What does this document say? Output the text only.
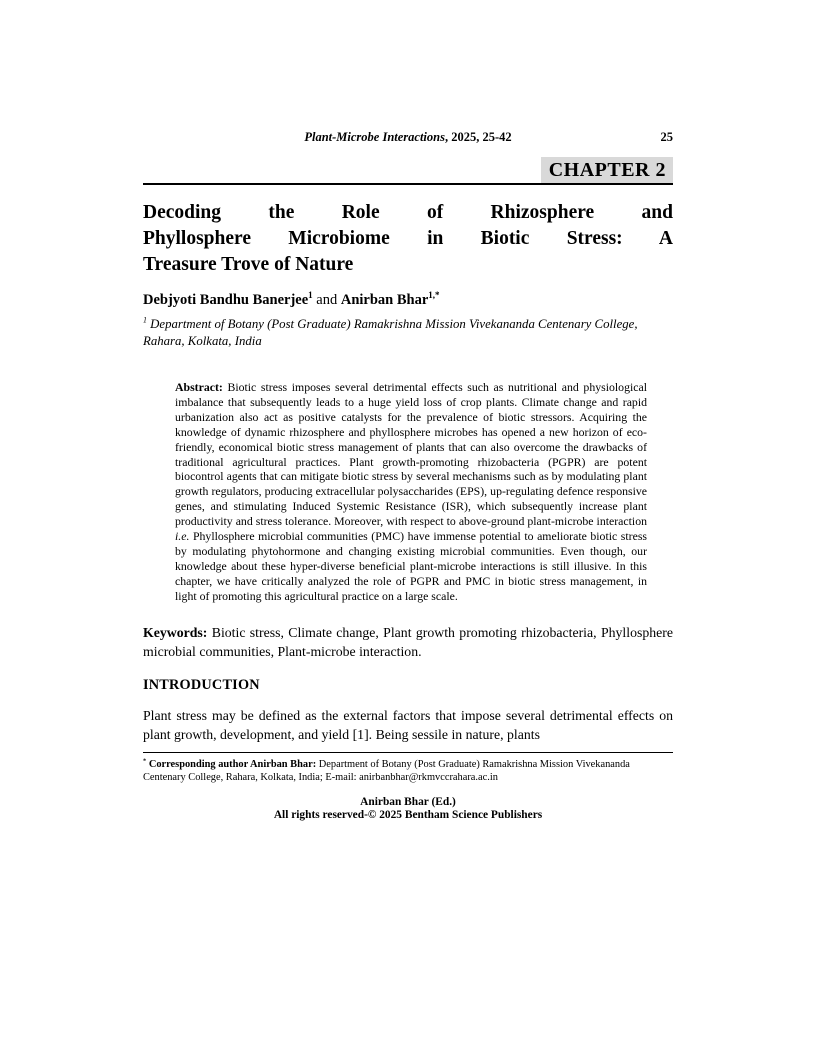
Plant-Microbe Interactions, 2025, 25-42	25
CHAPTER 2
Decoding the Role of Rhizosphere and
Phyllosphere Microbiome in Biotic Stress: A
Treasure Trove of Nature
Debjyoti Bandhu Banerjee$^1$ and Anirban Bhar$^{1,*}$
$^1$ Department of Botany (Post Graduate) Ramakrishna Mission Vivekananda Centenary College, Rahara, Kolkata, India
Abstract: Biotic stress imposes several detrimental effects such as nutritional and physiological imbalance that subsequently leads to a huge yield loss of crop plants. Climate change and rapid urbanization also act as positive catalysts for the prevalence of biotic stressors. Acquiring the knowledge of dynamic rhizosphere and phyllosphere microbes has opened a new horizon of eco-friendly, economical biotic stress management of plants that can also overcome the drawbacks of traditional agricultural practices. Plant growth-promoting rhizobacteria (PGPR) are potent biocontrol agents that can mitigate biotic stress by several mechanisms such as by modulating plant growth regulators, producing extracellular polysaccharides (EPS), up-regulating defence responsive genes, and stimulating Induced Systemic Resistance (ISR), which subsequently increase plant productivity and stress tolerance. Moreover, with respect to above-ground plant-microbe interaction i.e. Phyllosphere microbial communities (PMC) have immense potential to ameliorate biotic stress by modulating phytohormone and changing existing microbial communities. Even though, our knowledge about these hyper-diverse beneficial plant-microbe interactions is still illusive. In this chapter, we have critically analyzed the role of PGPR and PMC in biotic stress management, in light of promoting this agricultural practice on a large scale.
Keywords: Biotic stress, Climate change, Plant growth promoting rhizobacteria, Phyllosphere microbial communities, Plant-microbe interaction.
INTRODUCTION

Plant stress may be defined as the external factors that impose several detrimental effects on plant growth, development, and yield [1]. Being sessile in nature, plants

* Corresponding author Anirban Bhar: Department of Botany (Post Graduate) Ramakrishna Mission Vivekananda Centenary College, Rahara, Kolkata, India; E-mail: anirbanbhar@rkmvccrahara.ac.in
Anirban Bhar (Ed.)
All rights reserved-© 2025 Bentham Science Publishers
